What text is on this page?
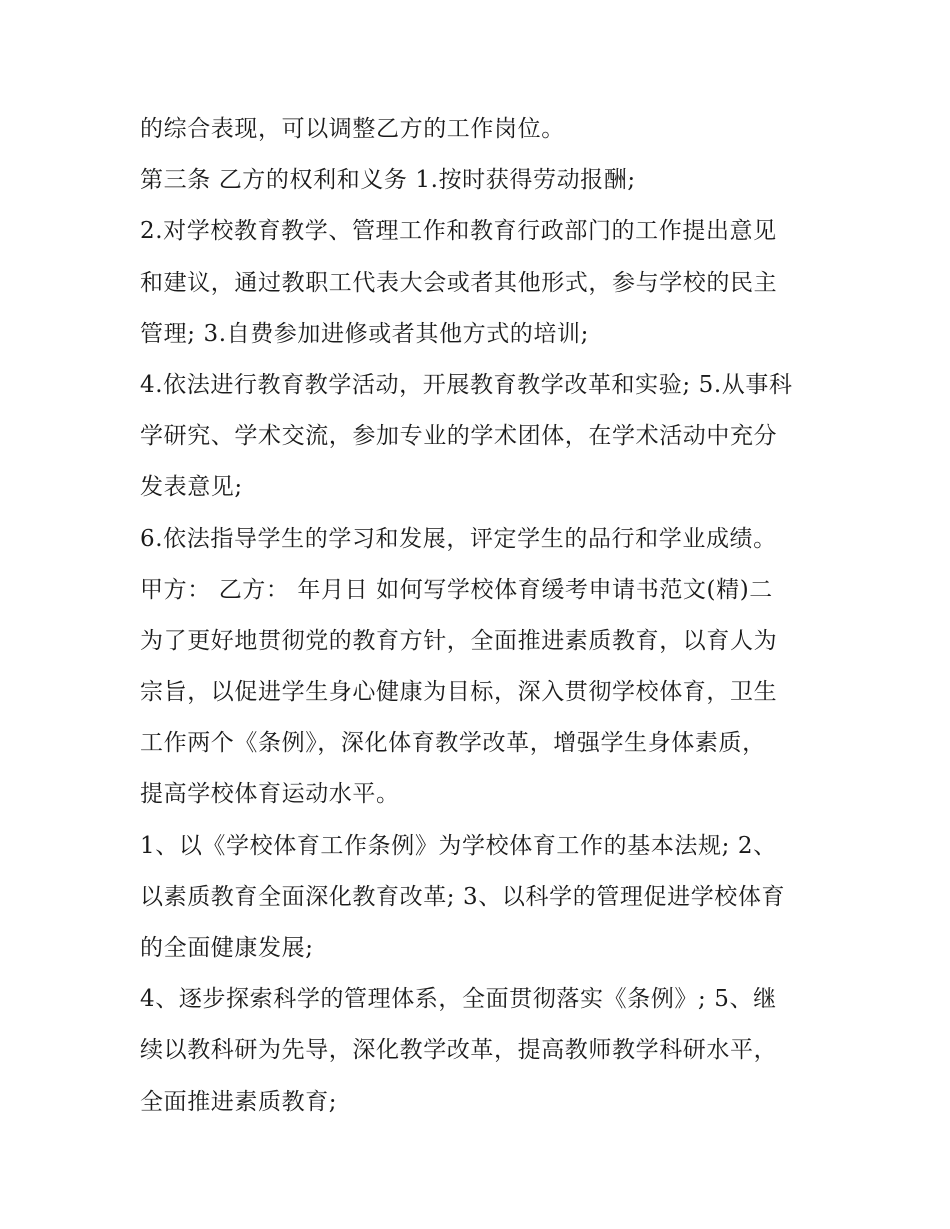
的综合表现，可以调整乙方的工作岗位。
第三条 乙方的权利和义务 1.按时获得劳动报酬;
2.对学校教育教学、管理工作和教育行政部门的工作提出意见
和建议，通过教职工代表大会或者其他形式，参与学校的民主
管理; 3.自费参加进修或者其他方式的培训;
4.依法进行教育教学活动，开展教育教学改革和实验; 5.从事科
学研究、学术交流，参加专业的学术团体，在学术活动中充分
发表意见;
6.依法指导学生的学习和发展，评定学生的品行和学业成绩。
甲方： 乙方： 年月日 如何写学校体育缓考申请书范文(精)二
为了更好地贯彻党的教育方针，全面推进素质教育，以育人为
宗旨，以促进学生身心健康为目标，深入贯彻学校体育，卫生
工作两个《条例》，深化体育教学改革，增强学生身体素质，
提高学校体育运动水平。
1、以《学校体育工作条例》为学校体育工作的基本法规; 2、
以素质教育全面深化教育改革; 3、以科学的管理促进学校体育
的全面健康发展;
4、逐步探索科学的管理体系，全面贯彻落实《条例》; 5、继
续以教科研为先导，深化教学改革，提高教师教学科研水平，
全面推进素质教育;
